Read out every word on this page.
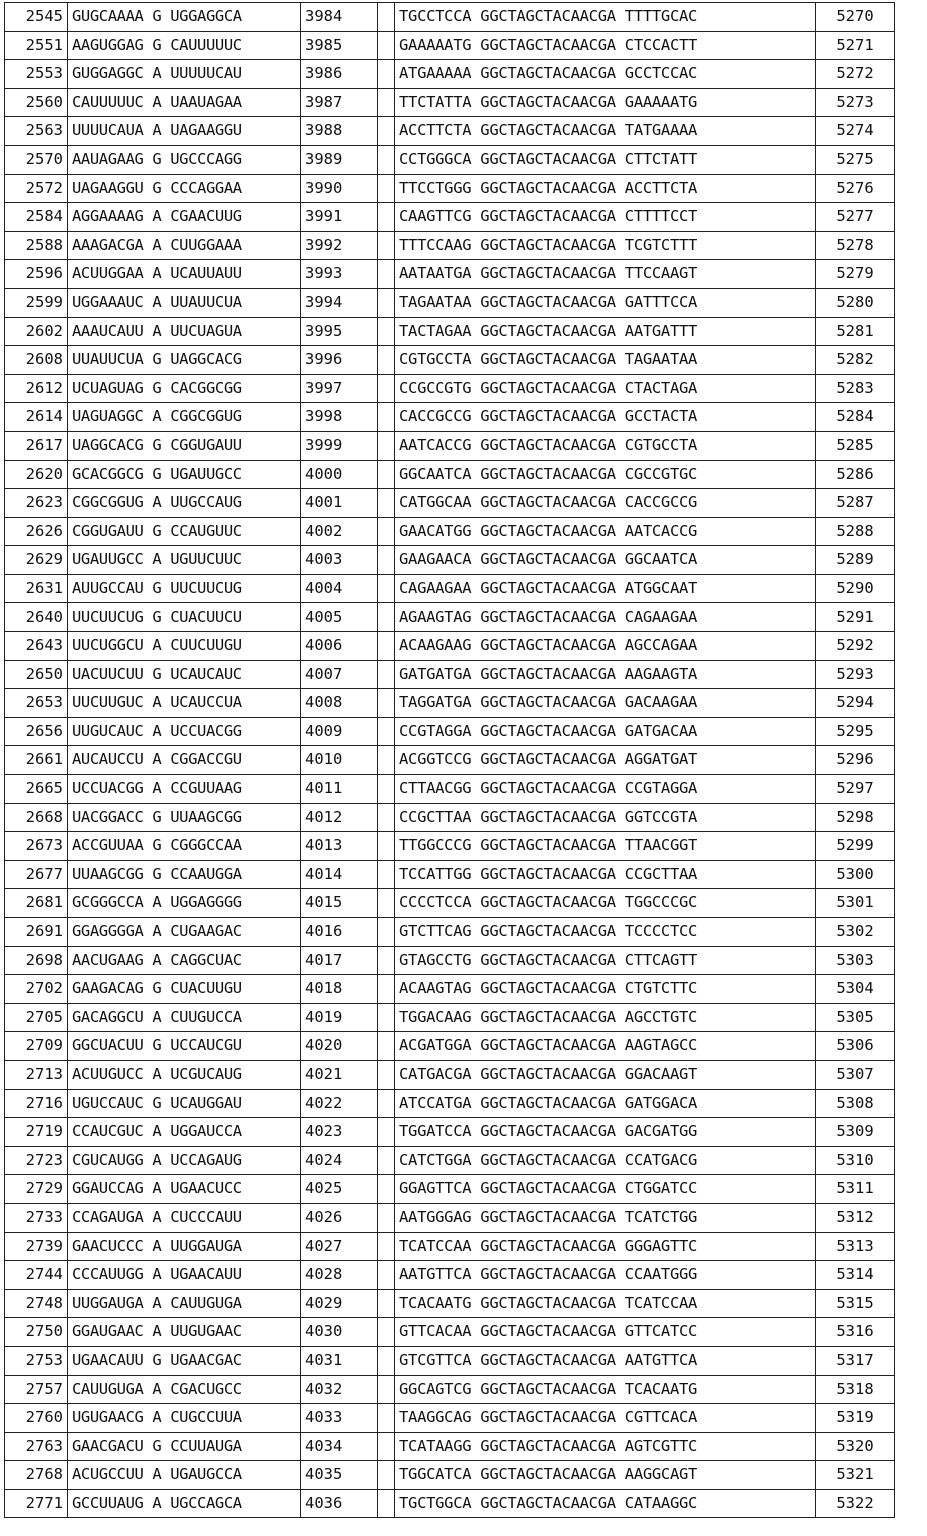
2545	GUGCAAAA G UGGAGGCA	3984		TGCCTCCA GGCTAGCTACAACGA TTTTGCAC	5270
2551	AAGUGGAG G CAUUUUUC	3985		GAAAAATG GGCTAGCTACAACGA CTCCACTT	5271
2553	GUGGAGGC A UUUUUCAU	3986		ATGAAAAA GGCTAGCTACAACGA GCCTCCAC	5272
2560	CAUUUUUC A UAAUAGAA	3987		TTCTATTA GGCTAGCTACAACGA GAAAAATG	5273
2563	UUUUCAUA A UAGAAGGU	3988		ACCTTCTA GGCTAGCTACAACGA TATGAAAA	5274
2570	AAUAGAAG G UGCCCAGG	3989		CCTGGGCA GGCTAGCTACAACGA CTTCTATT	5275
2572	UAGAAGGU G CCCAGGAA	3990		TTCCTGGG GGCTAGCTACAACGA ACCTTCTA	5276
2584	AGGAAAAG A CGAACUUG	3991		CAAGTTCG GGCTAGCTACAACGA CTTTTCCT	5277
2588	AAAGACGA A CUUGGAAA	3992		TTTCCAAG GGCTAGCTACAACGA TCGTCTTT	5278
2596	ACUUGGAA A UCAUUAUU	3993		AATAATGA GGCTAGCTACAACGA TTCCAAGT	5279
2599	UGGAAAUC A UUAUUCUA	3994		TAGAATAA GGCTAGCTACAACGA GATTTCCA	5280
2602	AAAUCAUU A UUCUAGUA	3995		TACTAGAA GGCTAGCTACAACGA AATGATTT	5281
2608	UUAUUCUA G UAGGCACG	3996		CGTGCCTA GGCTAGCTACAACGA TAGAATAA	5282
2612	UCUAGUAG G CACGGCGG	3997		CCGCCGTG GGCTAGCTACAACGA CTACTAGA	5283
2614	UAGUAGGC A CGGCGGUG	3998		CACCGCCG GGCTAGCTACAACGA GCCTACTA	5284
2617	UAGGCACG G CGGUGAUU	3999		AATCACCG GGCTAGCTACAACGA CGTGCCTA	5285
2620	GCACGGCG G UGAUUGCC	4000		GGCAATCA GGCTAGCTACAACGA CGCCGTGC	5286
2623	CGGCGGUG A UUGCCAUG	4001		CATGGCAA GGCTAGCTACAACGA CACCGCCG	5287
2626	CGGUGAUU G CCAUGUUC	4002		GAACATGG GGCTAGCTACAACGA AATCACCG	5288
2629	UGAUUGCC A UGUUCUUC	4003		GAAGAACA GGCTAGCTACAACGA GGCAATCA	5289
2631	AUUGCCAU G UUCUUCUG	4004		CAGAAGAA GGCTAGCTACAACGA ATGGCAAT	5290
2640	UUCUUCUG G CUACUUCU	4005		AGAAGTAG GGCTAGCTACAACGA CAGAAGAA	5291
2643	UUCUGGCU A CUUCUUGU	4006		ACAAGAAG GGCTAGCTACAACGA AGCCAGAA	5292
2650	UACUUCUU G UCAUCAUC	4007		GATGATGA GGCTAGCTACAACGA AAGAAGTA	5293
2653	UUCUUGUC A UCAUCCUA	4008		TAGGATGA GGCTAGCTACAACGA GACAAGAA	5294
2656	UUGUCAUC A UCCUACGG	4009		CCGTAGGA GGCTAGCTACAACGA GATGACAA	5295
2661	AUCAUCCU A CGGACCGU	4010		ACGGTCCG GGCTAGCTACAACGA AGGATGAT	5296
2665	UCCUACGG A CCGUUAAG	4011		CTTAACGG GGCTAGCTACAACGA CCGTAGGA	5297
2668	UACGGACC G UUAAGCGG	4012		CCGCTTAA GGCTAGCTACAACGA GGTCCGTA	5298
2673	ACCGUUAA G CGGGCCAA	4013		TTGGCCCG GGCTAGCTACAACGA TTAACGGT	5299
2677	UUAAGCGG G CCAAUGGA	4014		TCCATTGG GGCTAGCTACAACGA CCGCTTAA	5300
2681	GCGGGCCA A UGGAGGGG	4015		CCCCTCCA GGCTAGCTACAACGA TGGCCCGC	5301
2691	GGAGGGGA A CUGAAGAC	4016		GTCTTCAG GGCTAGCTACAACGA TCCCCTCC	5302
2698	AACUGAAG A CAGGCUAC	4017		GTAGCCTG GGCTAGCTACAACGA CTTCAGTT	5303
2702	GAAGACAG G CUACUUGU	4018		ACAAGTAG GGCTAGCTACAACGA CTGTCTTC	5304
2705	GACAGGCU A CUUGUCCA	4019		TGGACAAG GGCTAGCTACAACGA AGCCTGTC	5305
2709	GGCUACUU G UCCAUCGU	4020		ACGATGGA GGCTAGCTACAACGA AAGTAGCC	5306
2713	ACUUGUCC A UCGUCAUG	4021		CATGACGA GGCTAGCTACAACGA GGACAAGT	5307
2716	UGUCCAUC G UCAUGGAU	4022		ATCCATGA GGCTAGCTACAACGA GATGGACA	5308
2719	CCAUCGUC A UGGAUCCA	4023		TGGATCCA GGCTAGCTACAACGA GACGATGG	5309
2723	CGUCAUGG A UCCAGAUG	4024		CATCTGGA GGCTAGCTACAACGA CCATGACG	5310
2729	GGAUCCAG A UGAACUCC	4025		GGAGTTCA GGCTAGCTACAACGA CTGGATCC	5311
2733	CCAGAUGA A CUCCCAUU	4026		AATGGGAG GGCTAGCTACAACGA TCATCTGG	5312
2739	GAACUCCC A UUGGAUGA	4027		TCATCCAA GGCTAGCTACAACGA GGGAGTTC	5313
2744	CCCAUUGG A UGAACAUU	4028		AATGTTCA GGCTAGCTACAACGA CCAATGGG	5314
2748	UUGGAUGA A CAUUGUGA	4029		TCACAATG GGCTAGCTACAACGA TCATCCAA	5315
2750	GGAUGAAC A UUGUGAAC	4030		GTTCACAA GGCTAGCTACAACGA GTTCATCC	5316
2753	UGAACAUU G UGAACGAC	4031		GTCGTTCA GGCTAGCTACAACGA AATGTTCA	5317
2757	CAUUGUGA A CGACUGCC	4032		GGCAGTCG GGCTAGCTACAACGA TCACAATG	5318
2760	UGUGAACG A CUGCCUUA	4033		TAAGGCAG GGCTAGCTACAACGA CGTTCACA	5319
2763	GAACGACU G CCUUAUGA	4034		TCATAAGG GGCTAGCTACAACGA AGTCGTTC	5320
2768	ACUGCCUU A UGAUGCCA	4035		TGGCATCA GGCTAGCTACAACGA AAGGCAGT	5321
2771	GCCUUAUG A UGCCAGCA	4036		TGCTGGCA GGCTAGCTACAACGA CATAAGGC	5322
